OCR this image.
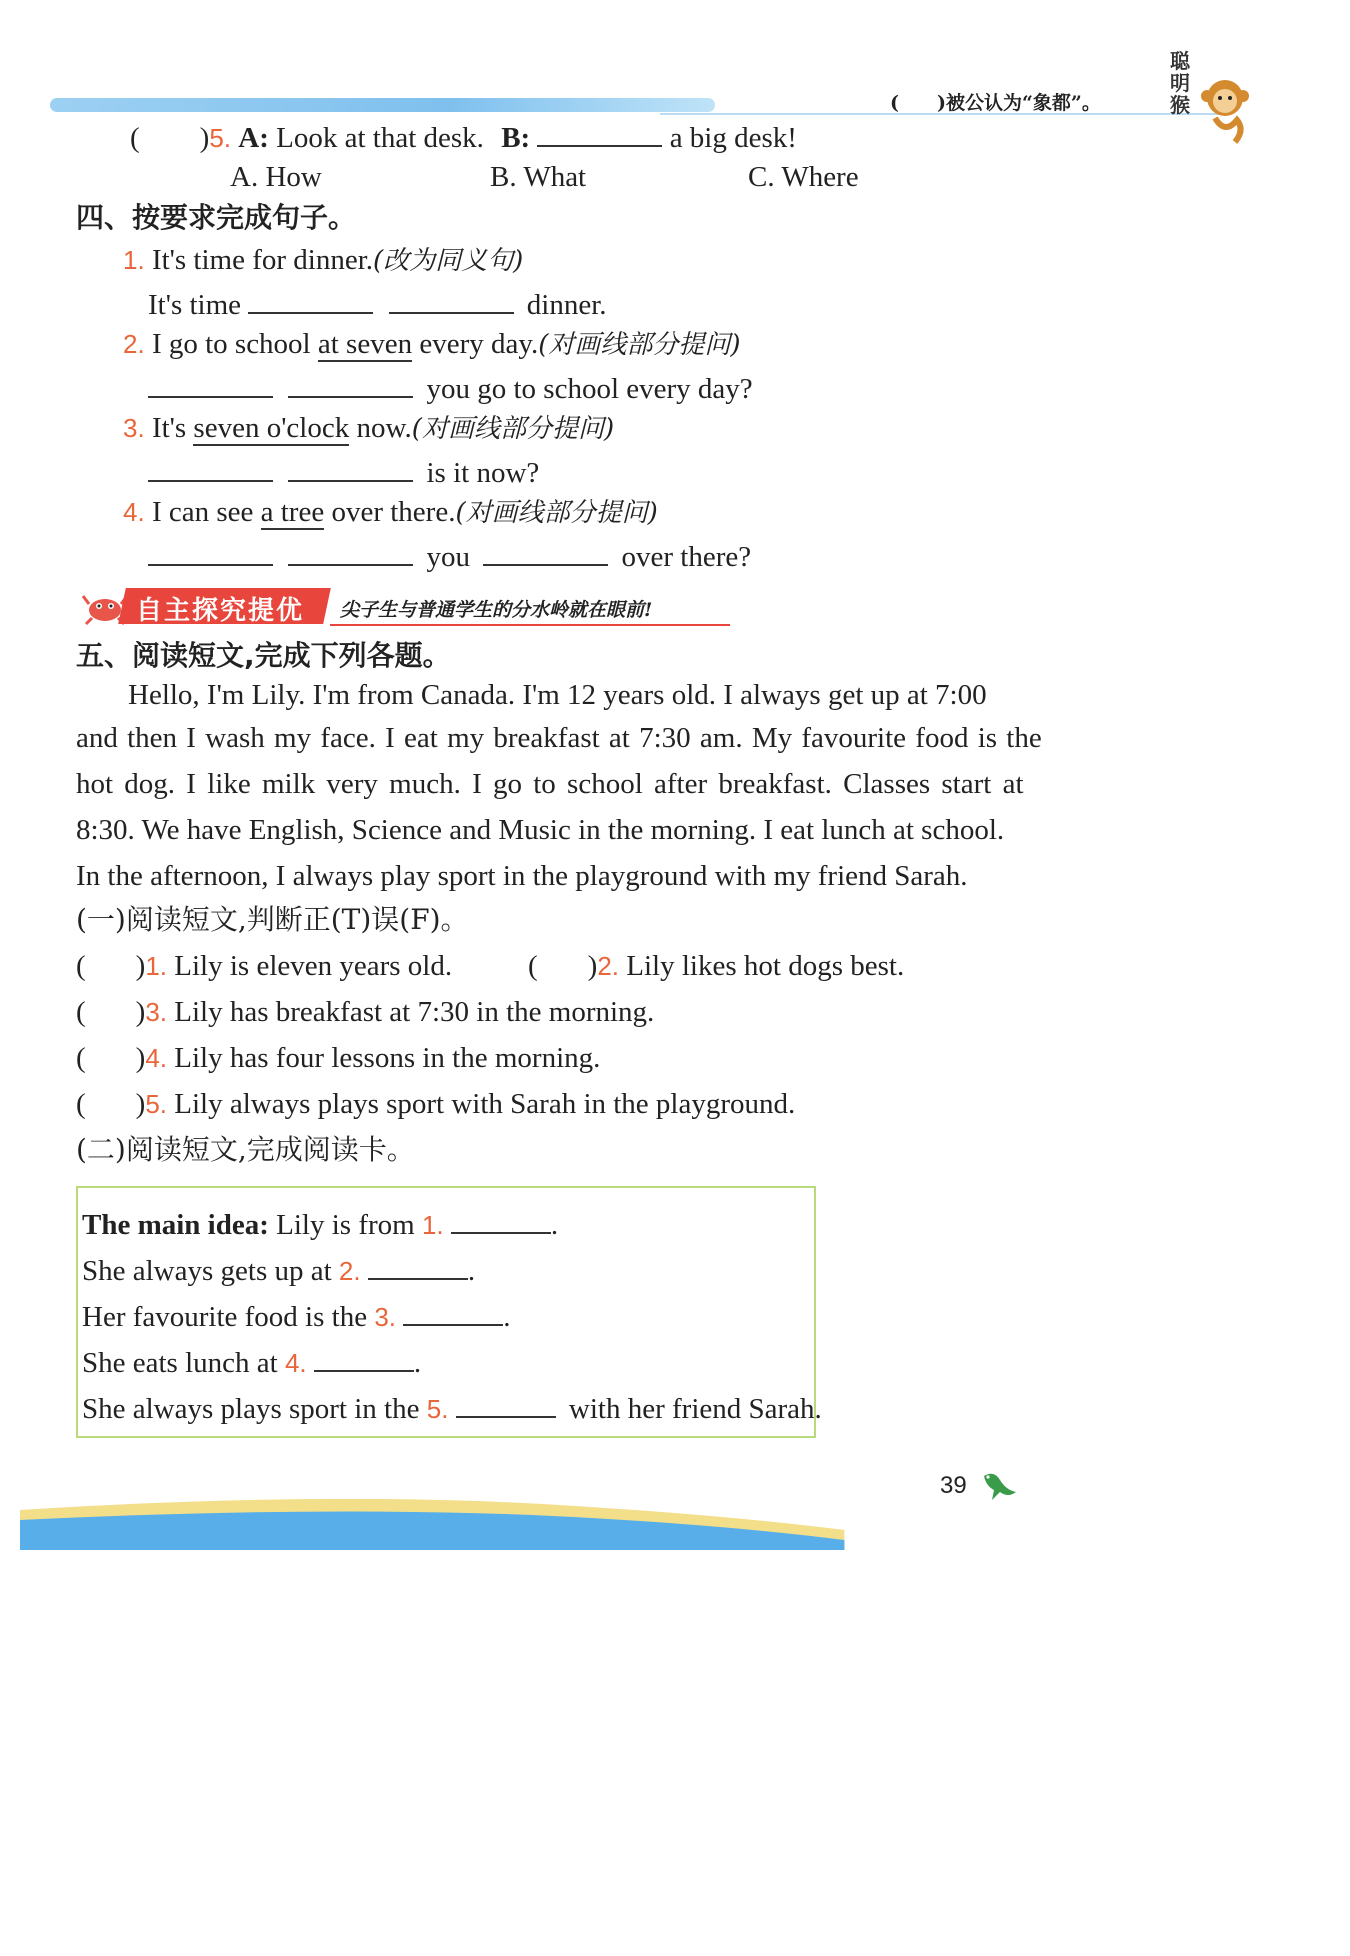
(　　)被公认为“象都”。
聪明猴
( )5. A: Look at that desk. B:	a big desk!
A. How	B. What	C. Where
四、按要求完成句子。
1. It's time for dinner.(改为同义句)
It's time	dinner.
2. I go to school at seven every day.(对画线部分提问)
you go to school every day?
3. It's seven o'clock now.(对画线部分提问)
is it now?
4. I can see a tree over there.(对画线部分提问)
you	over there?
自主探究提优 尖子生与普通学生的分水岭就在眼前!
五、阅读短文,完成下列各题。
Hello, I'm Lily. I'm from Canada. I'm 12 years old. I always get up at 7:00
and then I wash my face. I eat my breakfast at 7:30 am. My favourite food is the
hot dog. I like milk very much. I go to school after breakfast. Classes start at
8:30. We have English, Science and Music in the morning. I eat lunch at school.
In the afternoon, I always play sport in the playground with my friend Sarah.
(一)阅读短文,判断正(T)误(F)。
( )1. Lily is eleven years old.	( )2. Lily likes hot dogs best.
( )3. Lily has breakfast at 7:30 in the morning.
( )4. Lily has four lessons in the morning.
( )5. Lily always plays sport with Sarah in the playground.
(二)阅读短文,完成阅读卡。
The main idea: Lily is from 1.	.
She always gets up at 2.	.
Her favourite food is the 3.	.
She eats lunch at 4.	.
She always plays sport in the 5.	with her friend Sarah.
39
